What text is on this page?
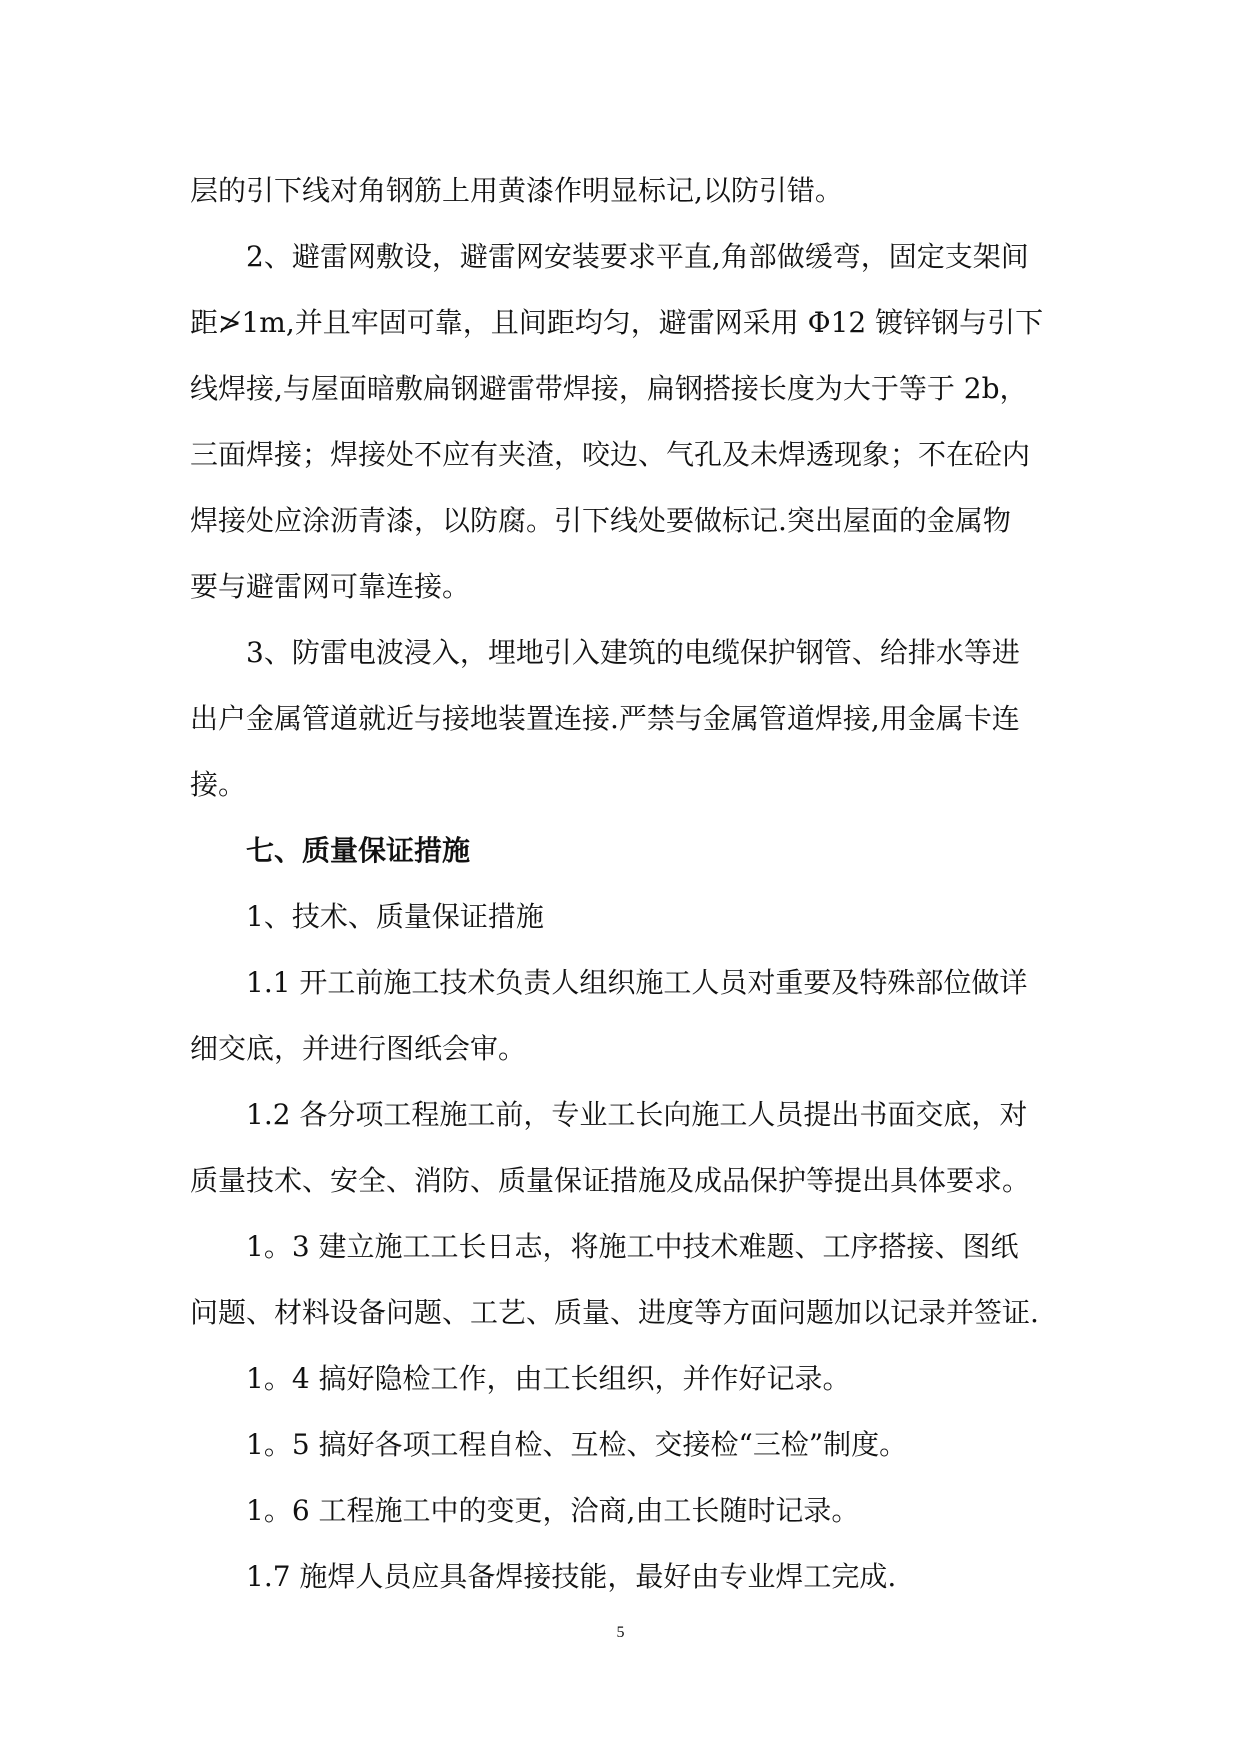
层的引下线对角钢筋上用黄漆作明显标记,以防引错。
2、避雷网敷设，避雷网安装要求平直,角部做缓弯，固定支架间
距≯1m,并且牢固可靠，且间距均匀，避雷网采用 Φ12 镀锌钢与引下
线焊接,与屋面暗敷扁钢避雷带焊接，扁钢搭接长度为大于等于 2b，
三面焊接；焊接处不应有夹渣，咬边、气孔及未焊透现象；不在砼内
焊接处应涂沥青漆，以防腐。引下线处要做标记.突出屋面的金属物
要与避雷网可靠连接。
3、防雷电波浸入，埋地引入建筑的电缆保护钢管、给排水等进
出户金属管道就近与接地装置连接.严禁与金属管道焊接,用金属卡连
接。
七、质量保证措施
1、技术、质量保证措施
1.1 开工前施工技术负责人组织施工人员对重要及特殊部位做详
细交底，并进行图纸会审。
1.2 各分项工程施工前，专业工长向施工人员提出书面交底，对
质量技术、安全、消防、质量保证措施及成品保护等提出具体要求。
1。3 建立施工工长日志，将施工中技术难题、工序搭接、图纸
问题、材料设备问题、工艺、质量、进度等方面问题加以记录并签证.
1。4 搞好隐检工作，由工长组织，并作好记录。
1。5 搞好各项工程自检、互检、交接检“三检”制度。
1。6 工程施工中的变更，洽商,由工长随时记录。
1.7 施焊人员应具备焊接技能，最好由专业焊工完成.
5
